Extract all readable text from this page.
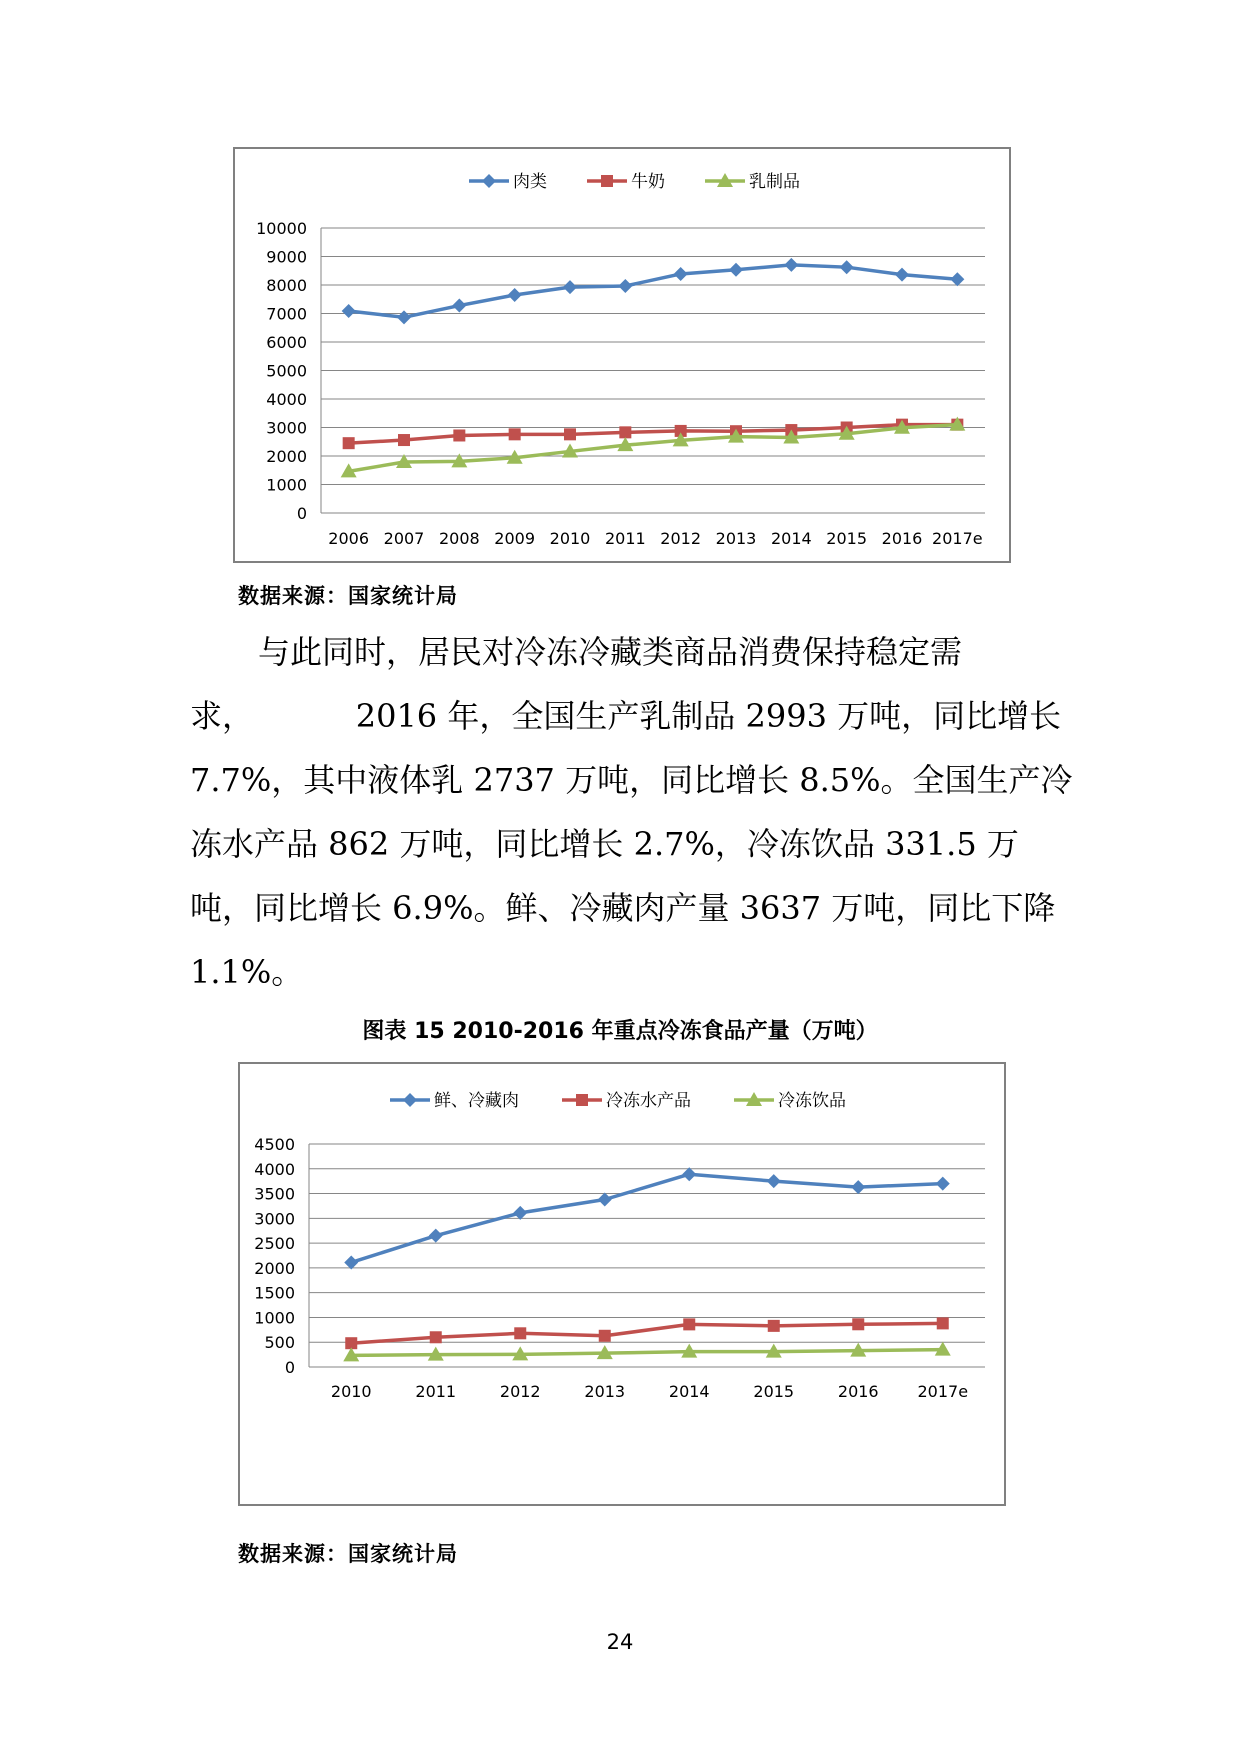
0
1000
2000
3000
4000
5000
6000
7000
8000
9000
10000
2006 2007 2008 2009 2010 2011 2012 2013 2014 2015 2016 2017e
肉类	牛奶	乳制品
数据来源：国家统计局
与此同时，居民对冷冻冷藏类商品消费保持稳定需
求，          2016 年，全国生产乳制品 2993 万吨，同比增长
7.7%，其中液体乳 2737 万吨，同比增长 8.5%。全国生产冷
冻水产品 862 万吨，同比增长 2.7%，冷冻饮品 331.5 万
吨，同比增长 6.9%。鲜、冷藏肉产量 3637 万吨，同比下降
1.1%。
图表 15 2010-2016 年重点冷冻食品产量（万吨）
0
500
1000
1500
2000
2500
3000
3500
4000
4500
2010	2011	2012	2013	2014	2015	2016 2017e
鲜、冷藏肉	冷冻水产品	冷冻饮品
数据来源：国家统计局
24
